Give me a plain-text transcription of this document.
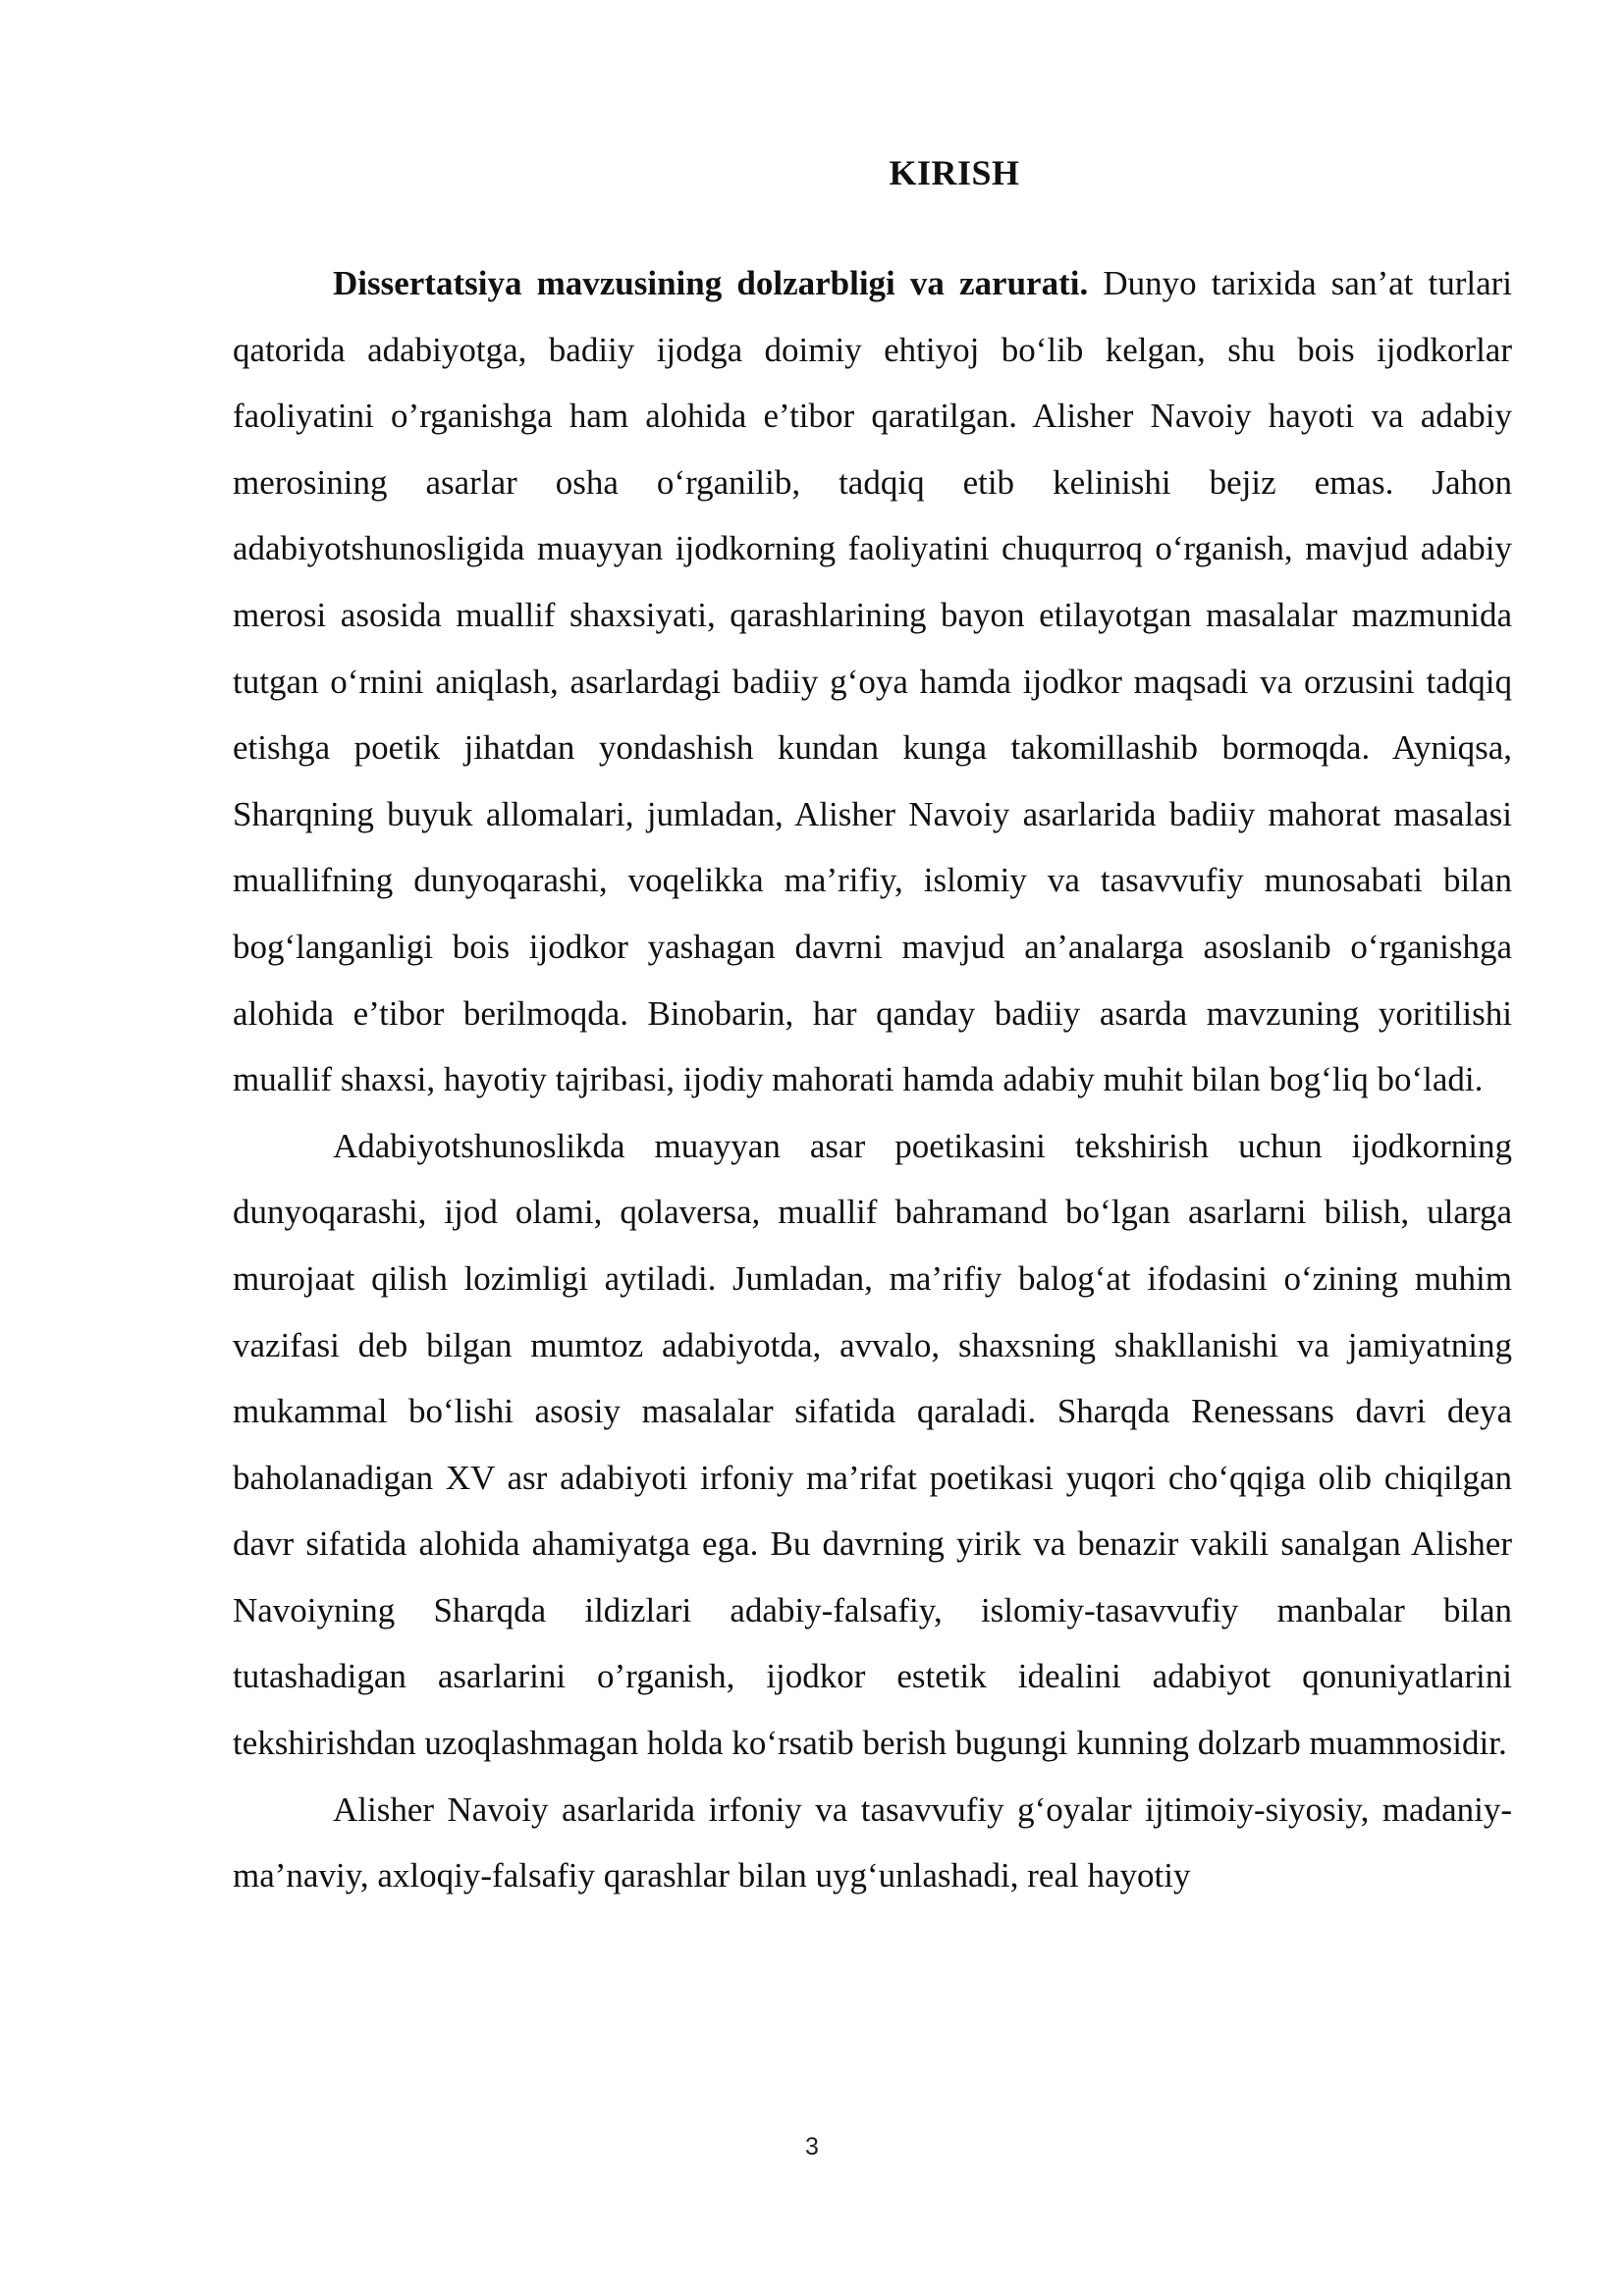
KIRISH

Dissertatsiya mavzusining dolzarbligi va zarurati. Dunyo tarixida san’at turlari qatorida adabiyotga, badiiy ijodga doimiy ehtiyoj bo‘lib kelgan, shu bois ijodkorlar faoliyatini o’rganishga ham alohida e’tibor qaratilgan. Alisher Navoiy hayoti va adabiy merosining asarlar osha o‘rganilib, tadqiq etib kelinishi bejiz emas. Jahon adabiyotshunosligida muayyan ijodkorning faoliyatini chuqurroq o‘rganish, mavjud adabiy merosi asosida muallif shaxsiyati, qarashlarining bayon etilayotgan masalalar mazmunida tutgan o‘rnini aniqlash, asarlardagi badiiy g‘oya hamda ijodkor maqsadi va orzusini tadqiq etishga poetik jihatdan yondashish kundan kunga takomillashib bormoqda. Ayniqsa, Sharqning buyuk allomalari, jumladan, Alisher Navoiy asarlarida badiiy mahorat masalasi muallifning dunyoqarashi, voqelikka ma’rifiy, islomiy va tasavvufiy munosabati bilan bog‘langanligi bois ijodkor yashagan davrni mavjud an’analarga asoslanib o‘rganishga alohida e’tibor berilmoqda. Binobarin, har qanday badiiy asarda mavzuning yoritilishi muallif shaxsi, hayotiy tajribasi, ijodiy mahorati hamda adabiy muhit bilan bog‘liq bo‘ladi.

Adabiyotshunoslikda muayyan asar poetikasini tekshirish uchun ijodkorning dunyoqarashi, ijod olami, qolaversa, muallif bahramand bo‘lgan asarlarni bilish, ularga murojaat qilish lozimligi aytiladi. Jumladan, ma’rifiy balog‘at ifodasini o‘zining muhim vazifasi deb bilgan mumtoz adabiyotda, avvalo, shaxsning shakllanishi va jamiyatning mukammal bo‘lishi asosiy masalalar sifatida qaraladi. Sharqda Renessans davri deya baholanadigan XV asr adabiyoti irfoniy ma’rifat poetikasi yuqori cho‘qqiga olib chiqilgan davr sifatida alohida ahamiyatga ega. Bu davrning yirik va benazir vakili sanalgan Alisher Navoiyning Sharqda ildizlari adabiy-falsafiy, islomiy-tasavvufiy manbalar bilan tutashadigan asarlarini o’rganish, ijodkor estetik idealini adabiyot qonuniyatlarini tekshirishdan uzoqlashmagan holda ko‘rsatib berish bugungi kunning dolzarb muammosidir.

Alisher Navoiy asarlarida irfoniy va tasavvufiy g‘oyalar ijtimoiy-siyosiy, madaniy-ma’naviy, axloqiy-falsafiy qarashlar bilan uyg‘unlashadi, real hayotiy

3
